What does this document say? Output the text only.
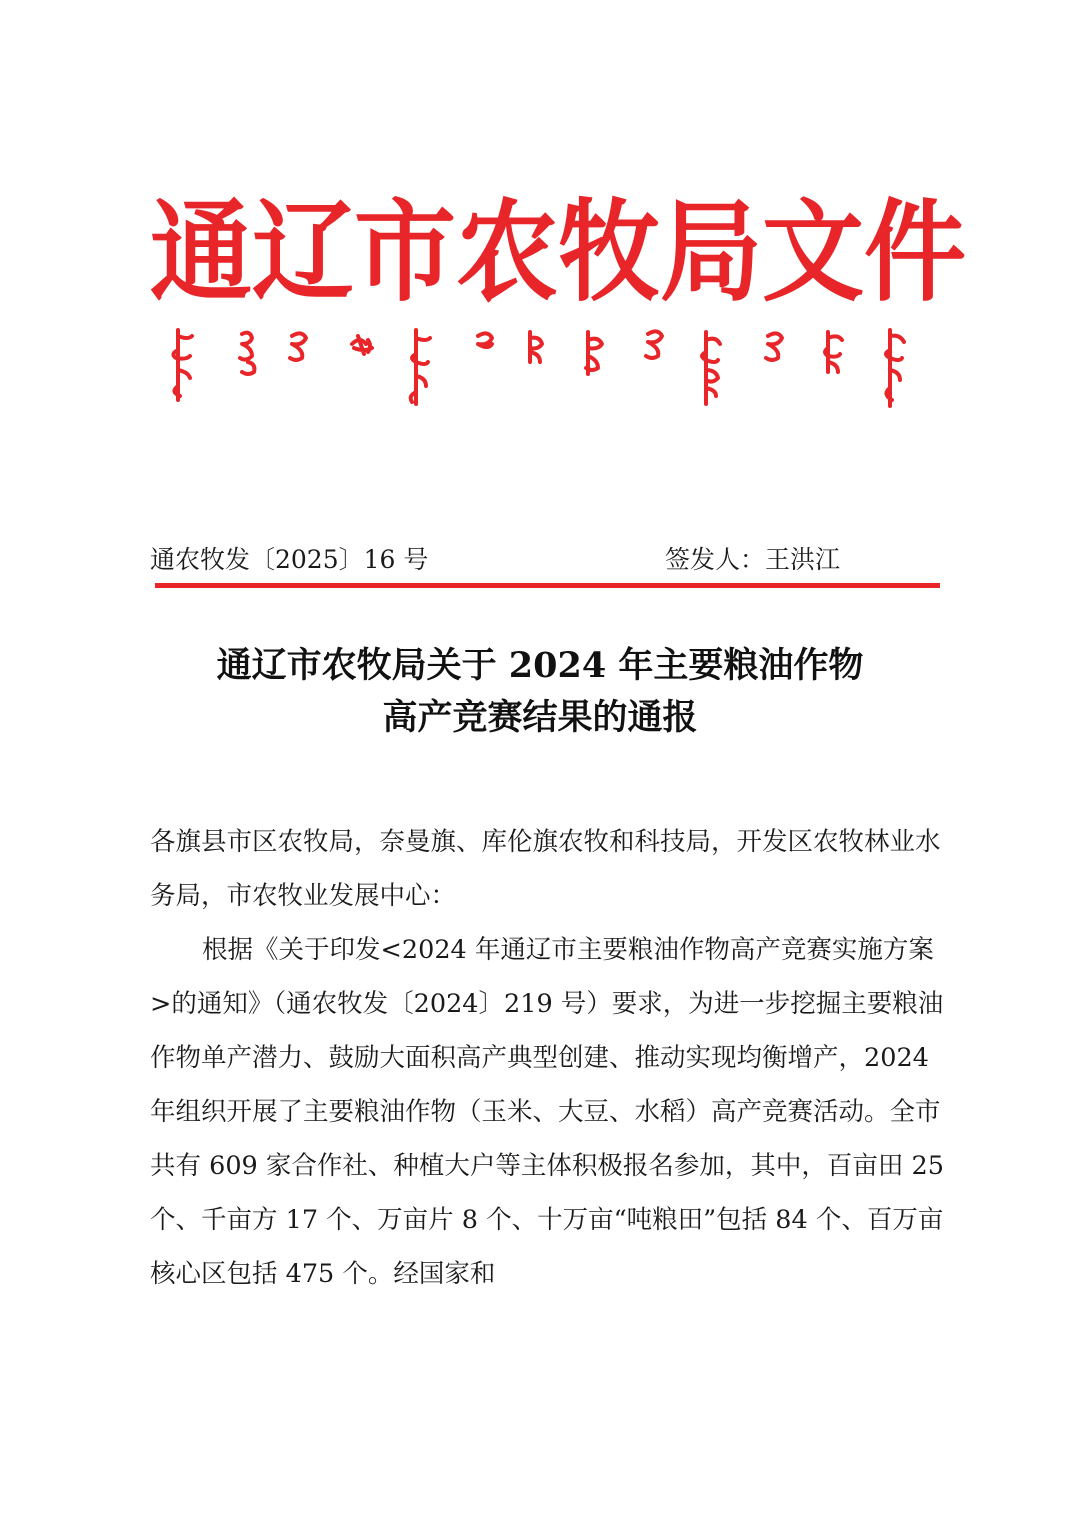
通 辽 市 农 牧 局 文 件
通农牧发〔2025〕16 号	签发人：王洪江
通辽市农牧局关于 2024 年主要粮油作物
高产竞赛结果的通报

各旗县市区农牧局，奈曼旗、库伦旗农牧和科技局，开发区农牧林业水务局，市农牧业发展中心：

根据《关于印发<2024 年通辽市主要粮油作物高产竞赛实施方案>的通知》（通农牧发〔2024〕219 号）要求，为进一步挖掘主要粮油作物单产潜力、鼓励大面积高产典型创建、推动实现均衡增产，2024 年组织开展了主要粮油作物（玉米、大豆、水稻）高产竞赛活动。全市共有 609 家合作社、种植大户等主体积极报名参加，其中，百亩田 25 个、千亩方 17 个、万亩片 8 个、十万亩“吨粮田”包括 84 个、百万亩核心区包括 475 个。经国家和
